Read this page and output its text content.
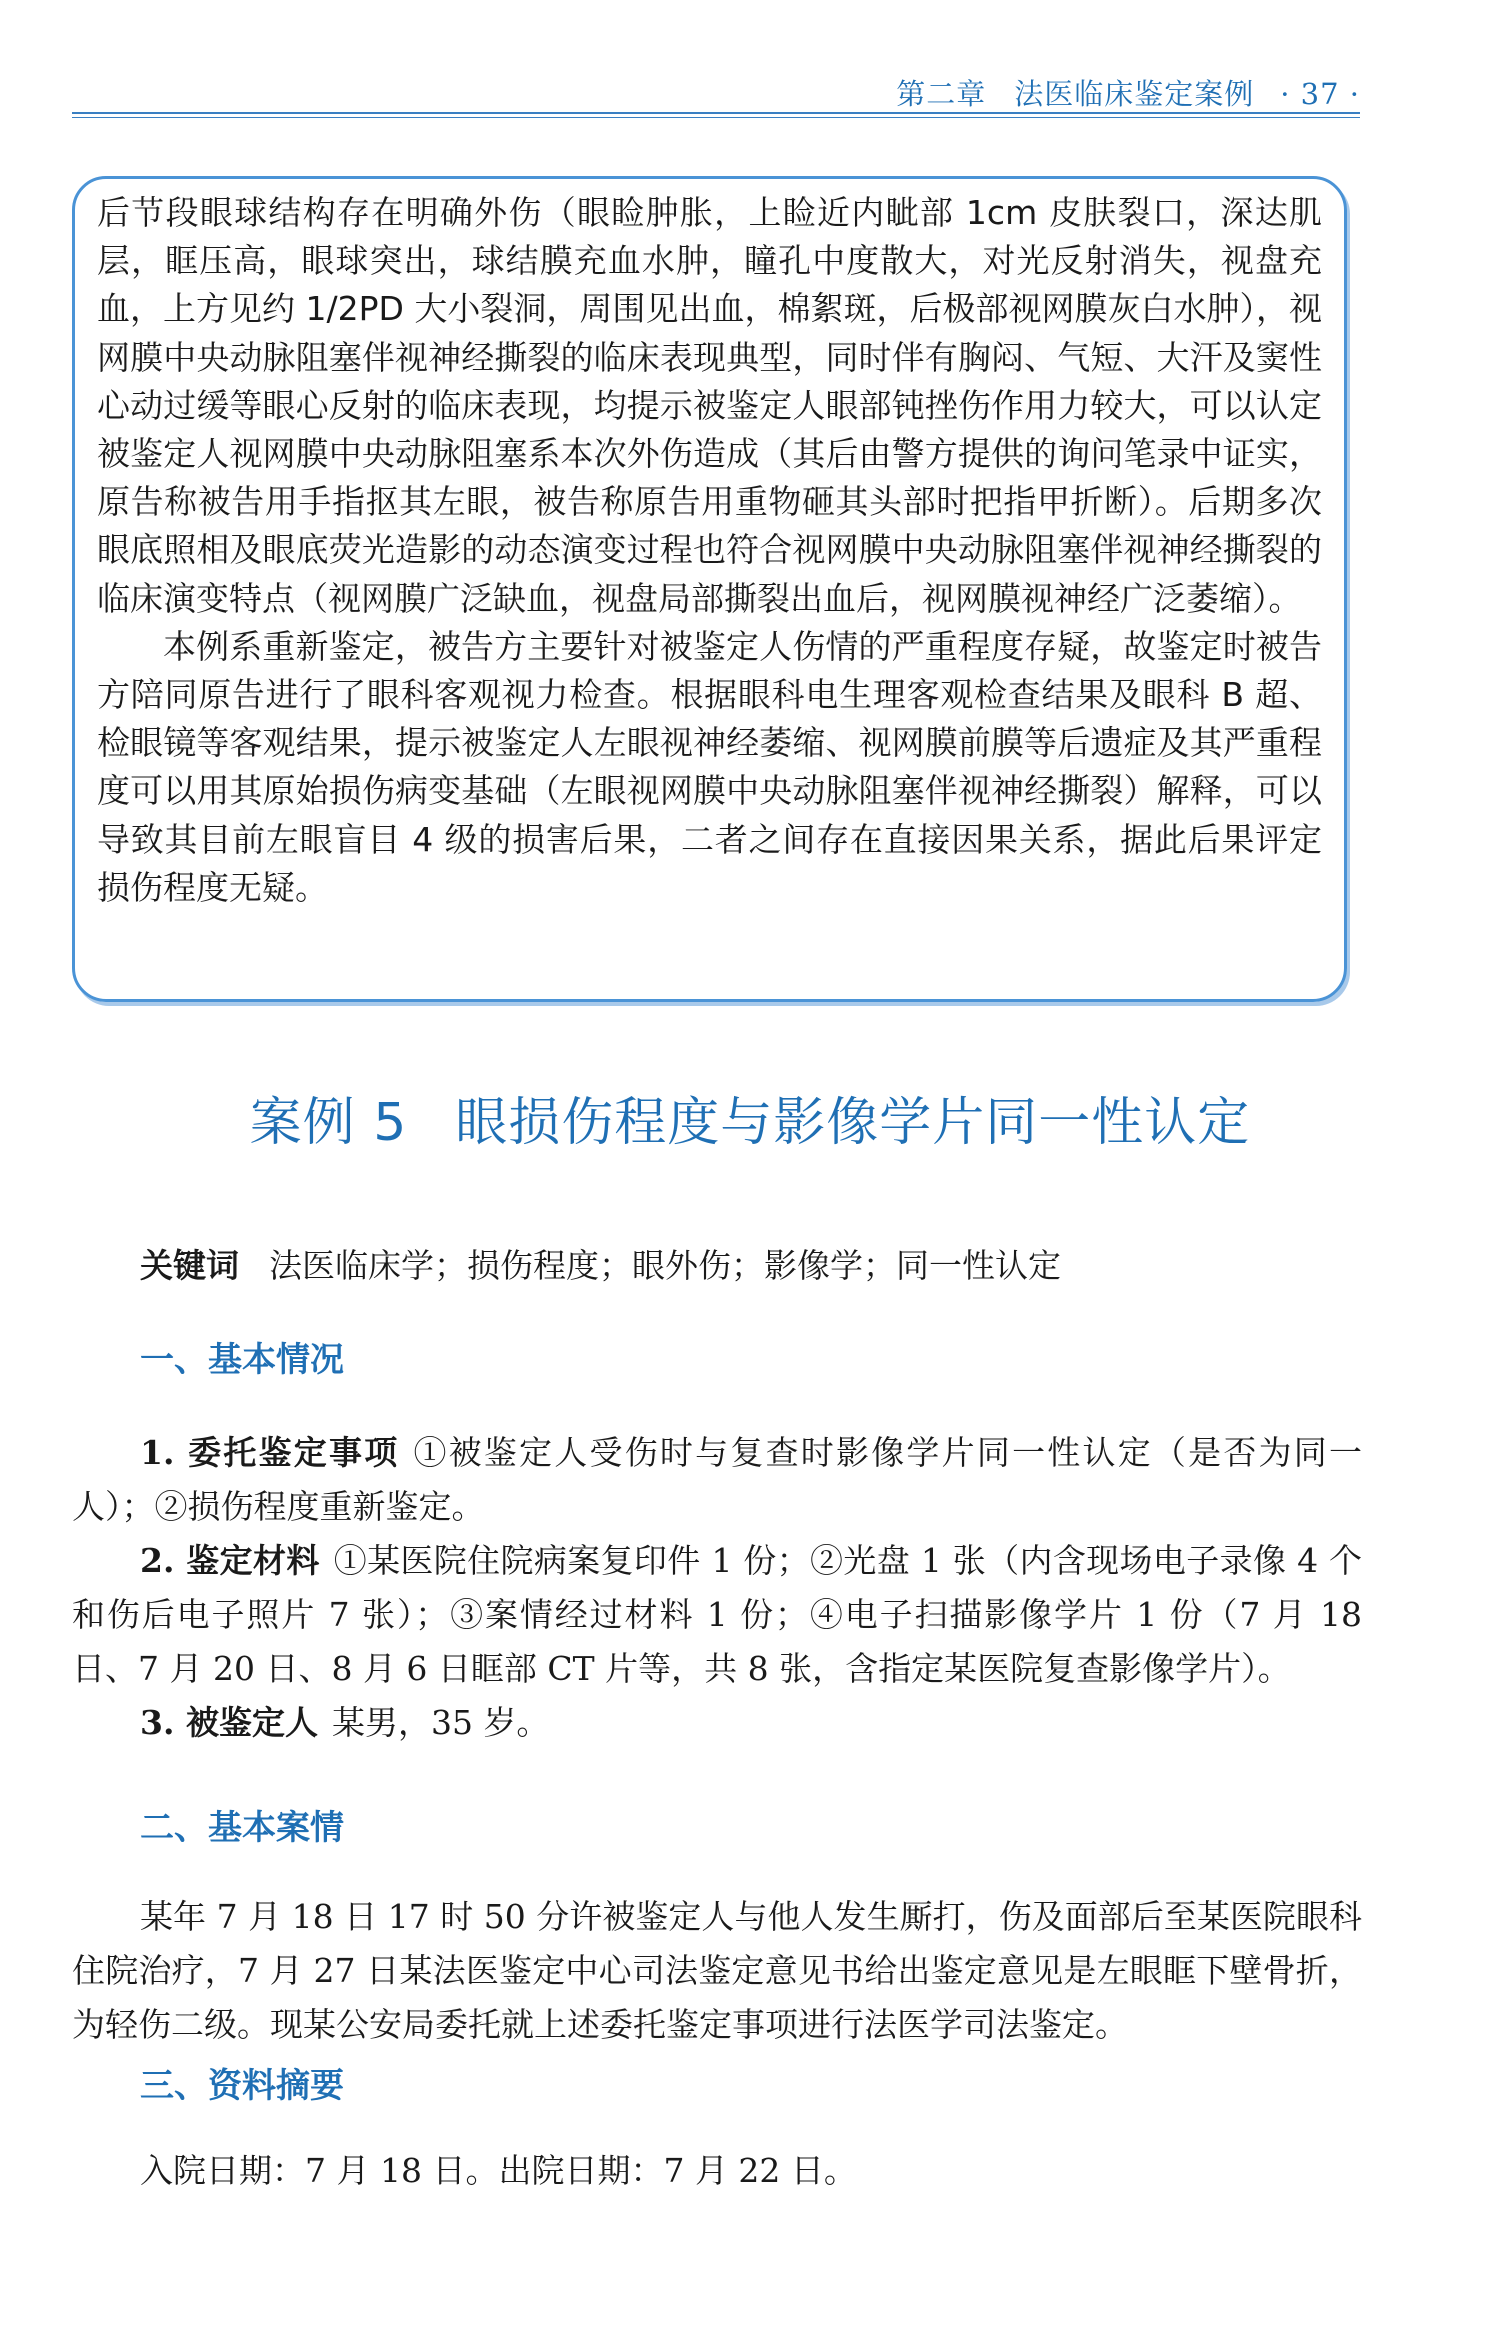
第二章 法医临床鉴定案例 · 37 ·

后节段眼球结构存在明确外伤（眼睑肿胀，上睑近内眦部 1cm 皮肤裂口，深达肌层，眶压高，眼球突出，球结膜充血水肿，瞳孔中度散大，对光反射消失，视盘充血，上方见约 1/2PD 大小裂洞，周围见出血，棉絮斑，后极部视网膜灰白水肿），视网膜中央动脉阻塞伴视神经撕裂的临床表现典型，同时伴有胸闷、气短、大汗及窦性心动过缓等眼心反射的临床表现，均提示被鉴定人眼部钝挫伤作用力较大，可以认定被鉴定人视网膜中央动脉阻塞系本次外伤造成（其后由警方提供的询问笔录中证实，原告称被告用手指抠其左眼，被告称原告用重物砸其头部时把指甲折断）。后期多次眼底照相及眼底荧光造影的动态演变过程也符合视网膜中央动脉阻塞伴视神经撕裂的临床演变特点（视网膜广泛缺血，视盘局部撕裂出血后，视网膜视神经广泛萎缩）。

本例系重新鉴定，被告方主要针对被鉴定人伤情的严重程度存疑，故鉴定时被告方陪同原告进行了眼科客观视力检查。根据眼科电生理客观检查结果及眼科 B 超、检眼镜等客观结果，提示被鉴定人左眼视神经萎缩、视网膜前膜等后遗症及其严重程度可以用其原始损伤病变基础（左眼视网膜中央动脉阻塞伴视神经撕裂）解释，可以导致其目前左眼盲目 4 级的损害后果，二者之间存在直接因果关系，据此后果评定损伤程度无疑。

案例 5 眼损伤程度与影像学片同一性认定
关键词 法医临床学；损伤程度；眼外伤；影像学；同一性认定
一、基本情况
1. 委托鉴定事项 ①被鉴定人受伤时与复查时影像学片同一性认定（是否为同一人）；②损伤程度重新鉴定。
2. 鉴定材料 ①某医院住院病案复印件 1 份；②光盘 1 张（内含现场电子录像 4 个和伤后电子照片 7 张）；③案情经过材料 1 份；④电子扫描影像学片 1 份（7 月 18 日、7 月 20 日、8 月 6 日眶部 CT 片等，共 8 张，含指定某医院复查影像学片）。
3. 被鉴定人 某男，35 岁。
二、基本案情
某年 7 月 18 日 17 时 50 分许被鉴定人与他人发生厮打，伤及面部后至某医院眼科住院治疗，7 月 27 日某法医鉴定中心司法鉴定意见书给出鉴定意见是左眼眶下壁骨折，为轻伤二级。现某公安局委托就上述委托鉴定事项进行法医学司法鉴定。
三、资料摘要
入院日期：7 月 18 日。出院日期：7 月 22 日。
